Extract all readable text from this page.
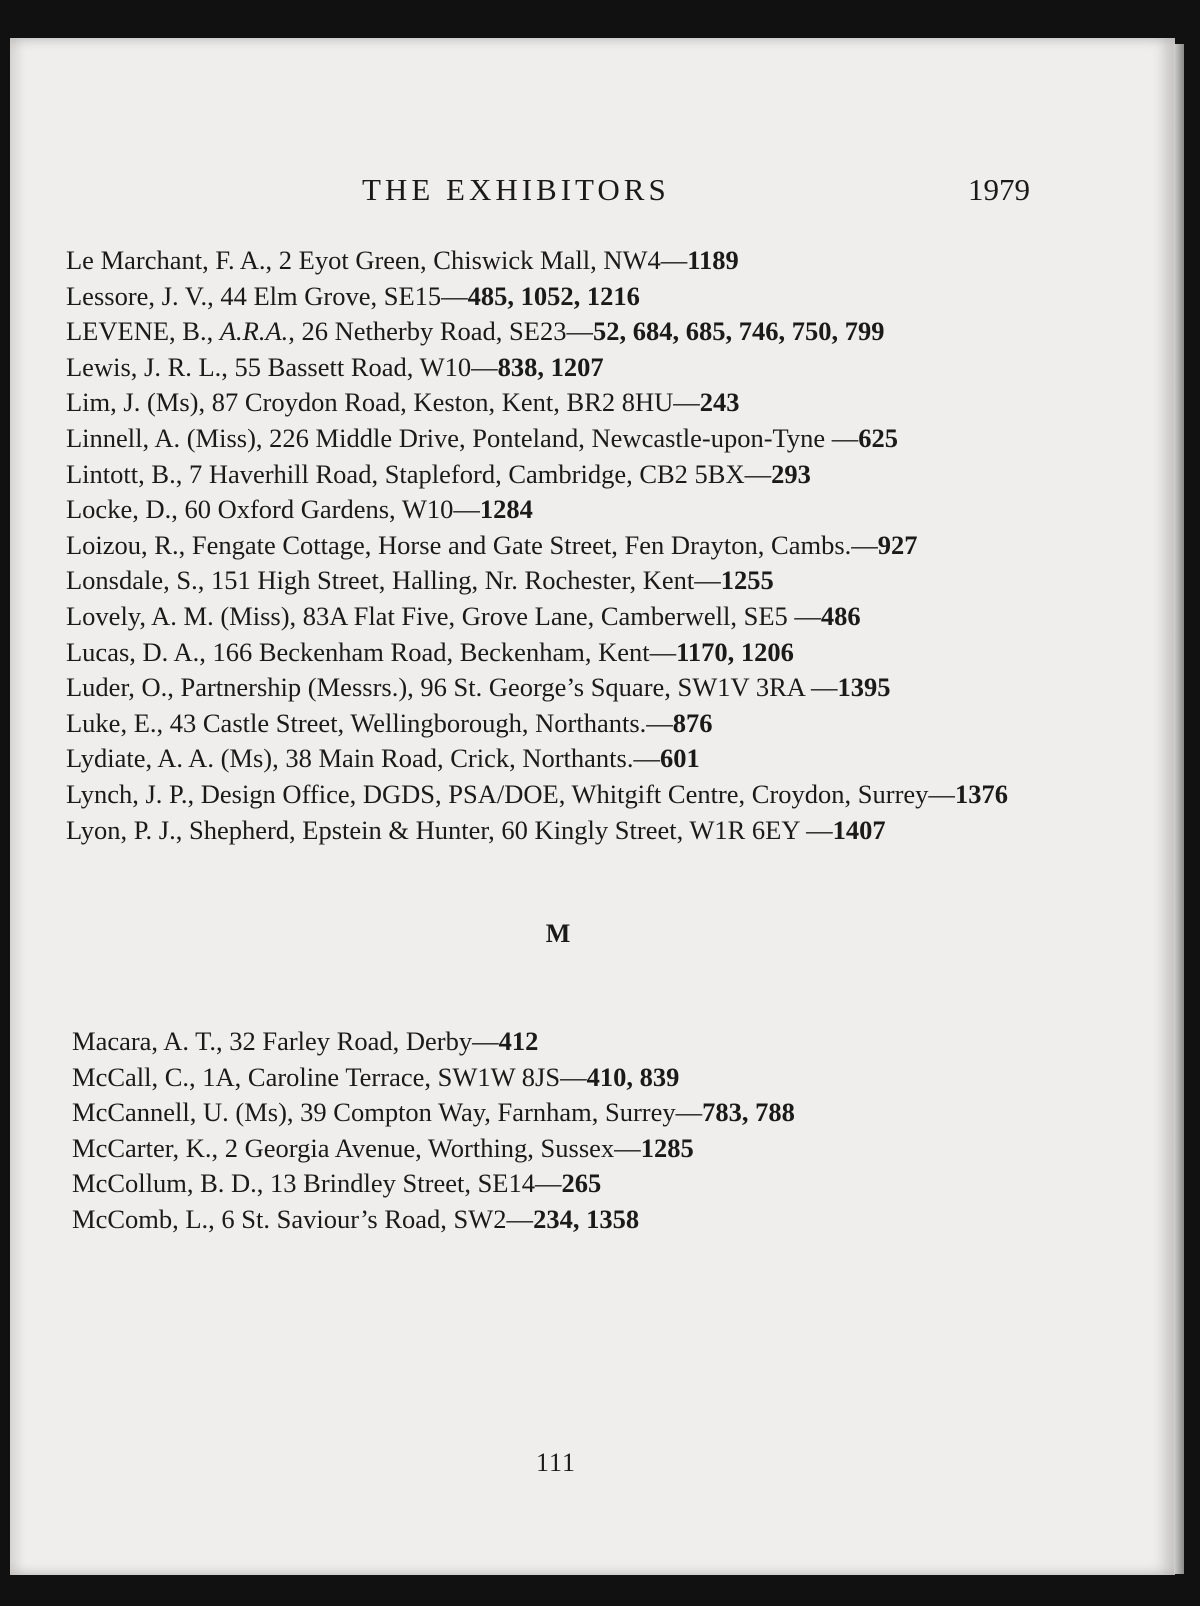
THE EXHIBITORS	1979
Le Marchant, F. A., 2 Eyot Green, Chiswick Mall, NW4—1189
Lessore, J. V., 44 Elm Grove, SE15—485, 1052, 1216
LEVENE, B., A.R.A., 26 Netherby Road, SE23—52, 684, 685, 746, 750, 799
Lewis, J. R. L., 55 Bassett Road, W10—838, 1207
Lim, J. (Ms), 87 Croydon Road, Keston, Kent, BR2 8HU—243
Linnell, A. (Miss), 226 Middle Drive, Ponteland, Newcastle-upon-Tyne —625
Lintott, B., 7 Haverhill Road, Stapleford, Cambridge, CB2 5BX—293
Locke, D., 60 Oxford Gardens, W10—1284
Loizou, R., Fengate Cottage, Horse and Gate Street, Fen Drayton, Cambs.—927
Lonsdale, S., 151 High Street, Halling, Nr. Rochester, Kent—1255
Lovely, A. M. (Miss), 83A Flat Five, Grove Lane, Camberwell, SE5 —486
Lucas, D. A., 166 Beckenham Road, Beckenham, Kent—1170, 1206
Luder, O., Partnership (Messrs.), 96 St. George’s Square, SW1V 3RA —1395
Luke, E., 43 Castle Street, Wellingborough, Northants.—876
Lydiate, A. A. (Ms), 38 Main Road, Crick, Northants.—601
Lynch, J. P., Design Office, DGDS, PSA/DOE, Whitgift Centre, Croydon, Surrey—1376
Lyon, P. J., Shepherd, Epstein & Hunter, 60 Kingly Street, W1R 6EY —1407
M
Macara, A. T., 32 Farley Road, Derby—412
McCall, C., 1A, Caroline Terrace, SW1W 8JS—410, 839
McCannell, U. (Ms), 39 Compton Way, Farnham, Surrey—783, 788
McCarter, K., 2 Georgia Avenue, Worthing, Sussex—1285
McCollum, B. D., 13 Brindley Street, SE14—265
McComb, L., 6 St. Saviour’s Road, SW2—234, 1358
111
